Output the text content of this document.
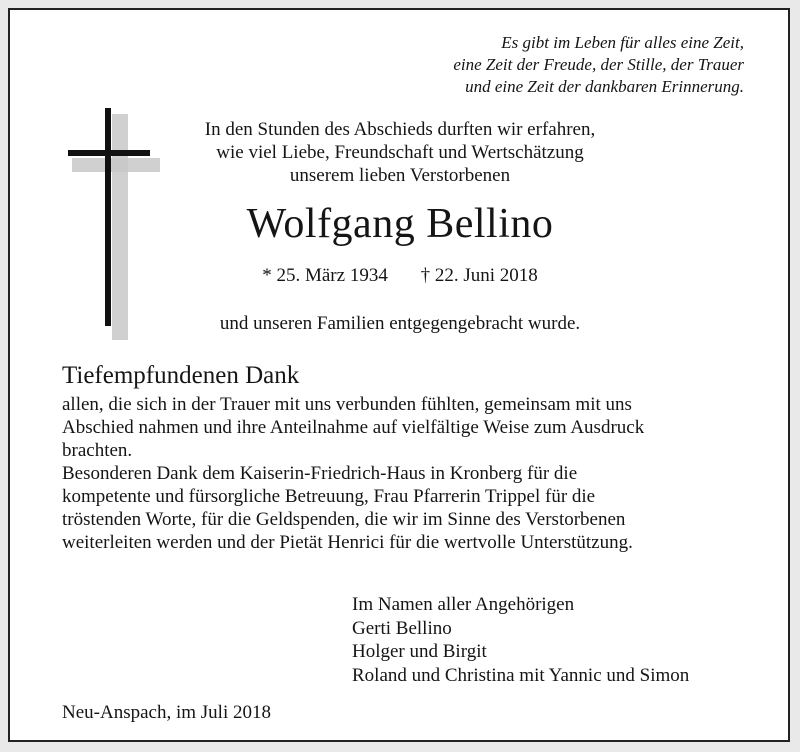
Es gibt im Leben für alles eine Zeit,
eine Zeit der Freude, der Stille, der Trauer
und eine Zeit der dankbaren Erinnerung.
In den Stunden des Abschieds durften wir erfahren,
wie viel Liebe, Freundschaft und Wertschätzung
unserem lieben Verstorbenen
Wolfgang Bellino
* 25. März 1934 † 22. Juni 2018
und unseren Familien entgegengebracht wurde.
Tiefempfundenen Dank
allen, die sich in der Trauer mit uns verbunden fühlten, gemeinsam mit uns
Abschied nahmen und ihre Anteilnahme auf vielfältige Weise zum Ausdruck
brachten.
Besonderen Dank dem Kaiserin-Friedrich-Haus in Kronberg für die
kompetente und fürsorgliche Betreuung, Frau Pfarrerin Trippel für die
tröstenden Worte, für die Geldspenden, die wir im Sinne des Verstorbenen
weiterleiten werden und der Pietät Henrici für die wertvolle Unterstützung.
Im Namen aller Angehörigen
Gerti Bellino
Holger und Birgit
Roland und Christina mit Yannic und Simon
Neu-Anspach, im Juli 2018
